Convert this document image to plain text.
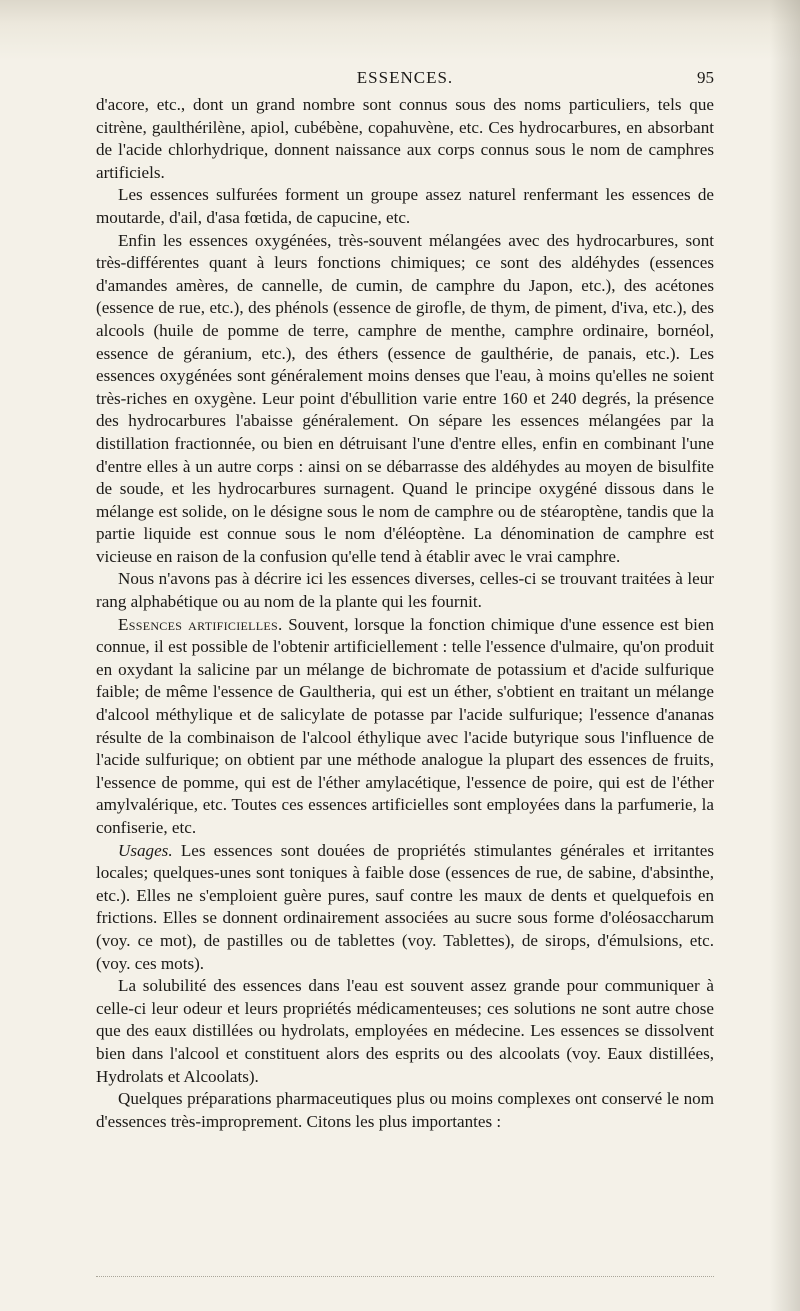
ESSENCES.	95

d'acore, etc., dont un grand nombre sont connus sous des noms particuliers, tels que citrène, gaulthérilène, apiol, cubébène, copahuvène, etc. Ces hydrocarbures, en absorbant de l'acide chlorhydrique, donnent naissance aux corps connus sous le nom de camphres artificiels.

Les essences sulfurées forment un groupe assez naturel renfermant les essences de moutarde, d'ail, d'asa fœtida, de capucine, etc.

Enfin les essences oxygénées, très-souvent mélangées avec des hydrocarbures, sont très-différentes quant à leurs fonctions chimiques; ce sont des aldéhydes (essences d'amandes amères, de cannelle, de cumin, de camphre du Japon, etc.), des acétones (essence de rue, etc.), des phénols (essence de girofle, de thym, de piment, d'iva, etc.), des alcools (huile de pomme de terre, camphre de menthe, camphre ordinaire, bornéol, essence de géranium, etc.), des éthers (essence de gaulthérie, de panais, etc.). Les essences oxygénées sont généralement moins denses que l'eau, à moins qu'elles ne soient très-riches en oxygène. Leur point d'ébullition varie entre 160 et 240 degrés, la présence des hydrocarbures l'abaisse généralement. On sépare les essences mélangées par la distillation fractionnée, ou bien en détruisant l'une d'entre elles, enfin en combinant l'une d'entre elles à un autre corps : ainsi on se débarrasse des aldéhydes au moyen de bisulfite de soude, et les hydrocarbures surnagent. Quand le principe oxygéné dissous dans le mélange est solide, on le désigne sous le nom de camphre ou de stéaroptène, tandis que la partie liquide est connue sous le nom d'éléoptène. La dénomination de camphre est vicieuse en raison de la confusion qu'elle tend à établir avec le vrai camphre.

Nous n'avons pas à décrire ici les essences diverses, celles-ci se trouvant traitées à leur rang alphabétique ou au nom de la plante qui les fournit.

Essences artificielles. Souvent, lorsque la fonction chimique d'une essence est bien connue, il est possible de l'obtenir artificiellement : telle l'essence d'ulmaire, qu'on produit en oxydant la salicine par un mélange de bichromate de potassium et d'acide sulfurique faible; de même l'essence de Gaultheria, qui est un éther, s'obtient en traitant un mélange d'alcool méthylique et de salicylate de potasse par l'acide sulfurique; l'essence d'ananas résulte de la combinaison de l'alcool éthylique avec l'acide butyrique sous l'influence de l'acide sulfurique; on obtient par une méthode analogue la plupart des essences de fruits, l'essence de pomme, qui est de l'éther amylacétique, l'essence de poire, qui est de l'éther amylvalérique, etc. Toutes ces essences artificielles sont employées dans la parfumerie, la confiserie, etc.

Usages. Les essences sont douées de propriétés stimulantes générales et irritantes locales; quelques-unes sont toniques à faible dose (essences de rue, de sabine, d'absinthe, etc.). Elles ne s'emploient guère pures, sauf contre les maux de dents et quelquefois en frictions. Elles se donnent ordinairement associées au sucre sous forme d'oléosaccharum (voy. ce mot), de pastilles ou de tablettes (voy. Tablettes), de sirops, d'émulsions, etc. (voy. ces mots).

La solubilité des essences dans l'eau est souvent assez grande pour communiquer à celle-ci leur odeur et leurs propriétés médicamenteuses; ces solutions ne sont autre chose que des eaux distillées ou hydrolats, employées en médecine. Les essences se dissolvent bien dans l'alcool et constituent alors des esprits ou des alcoolats (voy. Eaux distillées, Hydrolats et Alcoolats).

Quelques préparations pharmaceutiques plus ou moins complexes ont conservé le nom d'essences très-improprement. Citons les plus importantes :
